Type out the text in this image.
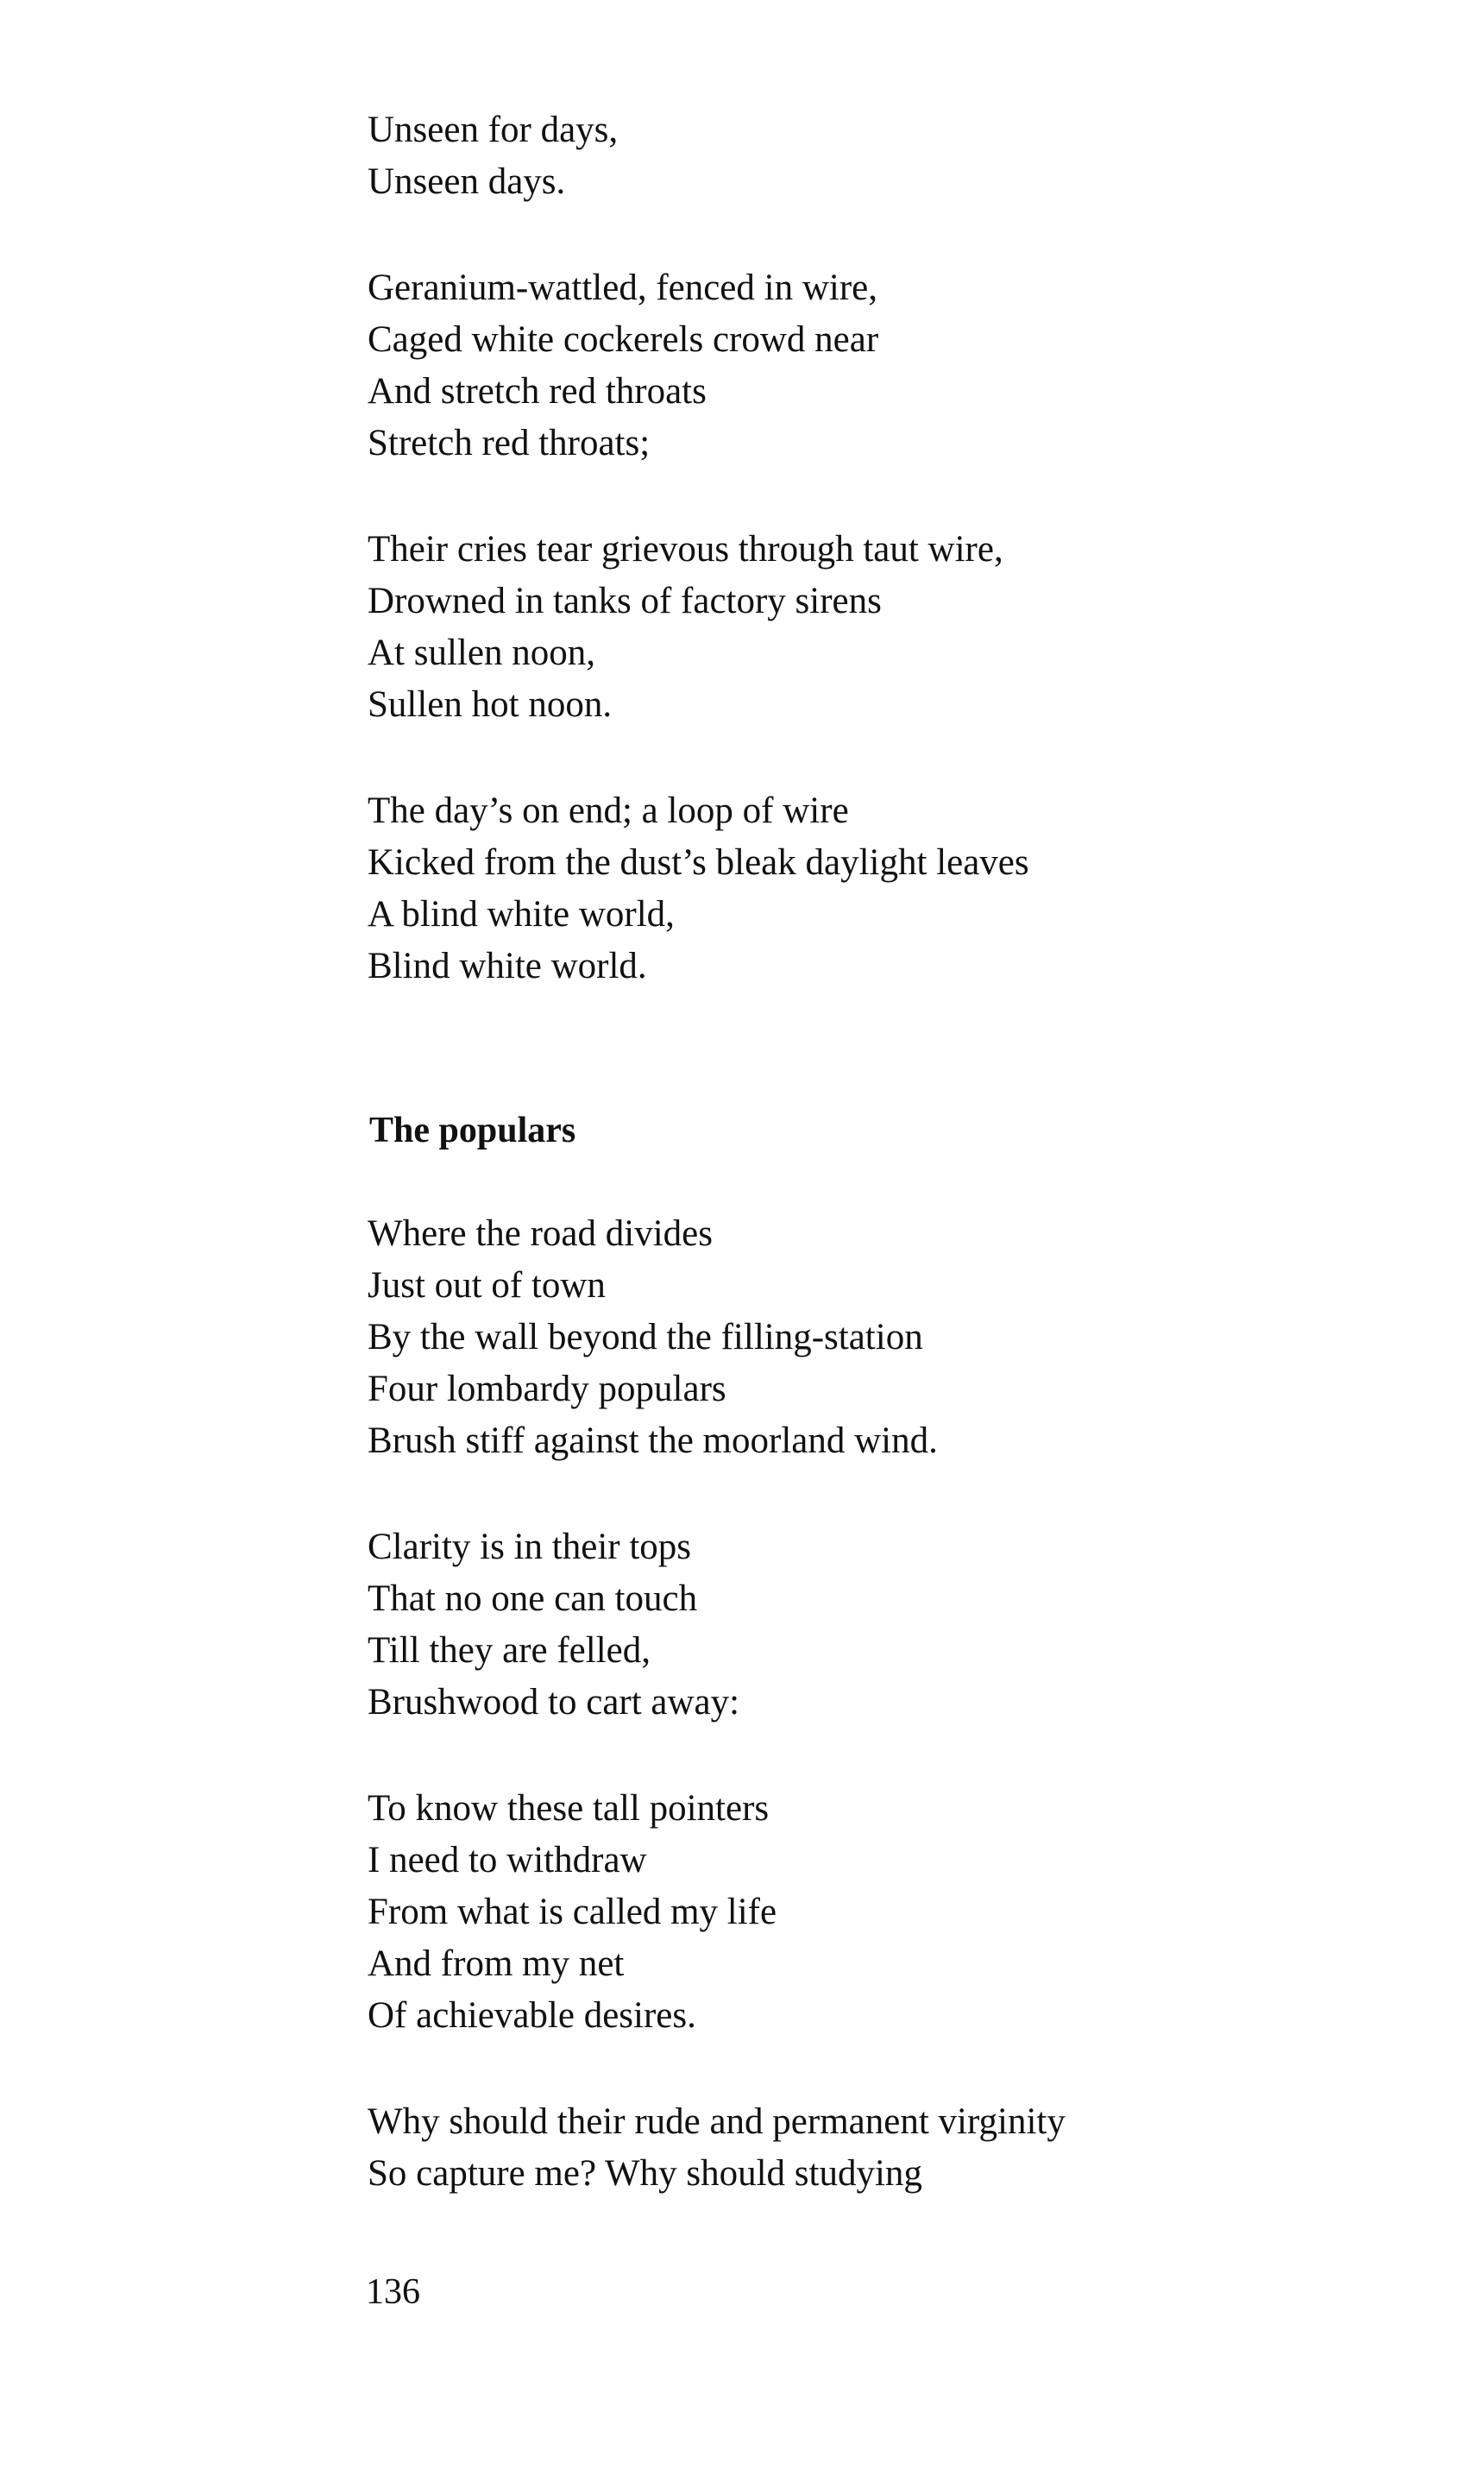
Unseen for days,
Unseen days.
Geranium-wattled, fenced in wire,
Caged white cockerels crowd near
And stretch red throats
Stretch red throats;
Their cries tear grievous through taut wire,
Drowned in tanks of factory sirens
At sullen noon,
Sullen hot noon.
The day’s on end; a loop of wire
Kicked from the dust’s bleak daylight leaves
A blind white world,
Blind white world.
The populars
Where the road divides
Just out of town
By the wall beyond the filling-station
Four lombardy populars
Brush stiff against the moorland wind.
Clarity is in their tops
That no one can touch
Till they are felled,
Brushwood to cart away:
To know these tall pointers
I need to withdraw
From what is called my life
And from my net
Of achievable desires.
Why should their rude and permanent virginity
So capture me? Why should studying
136
